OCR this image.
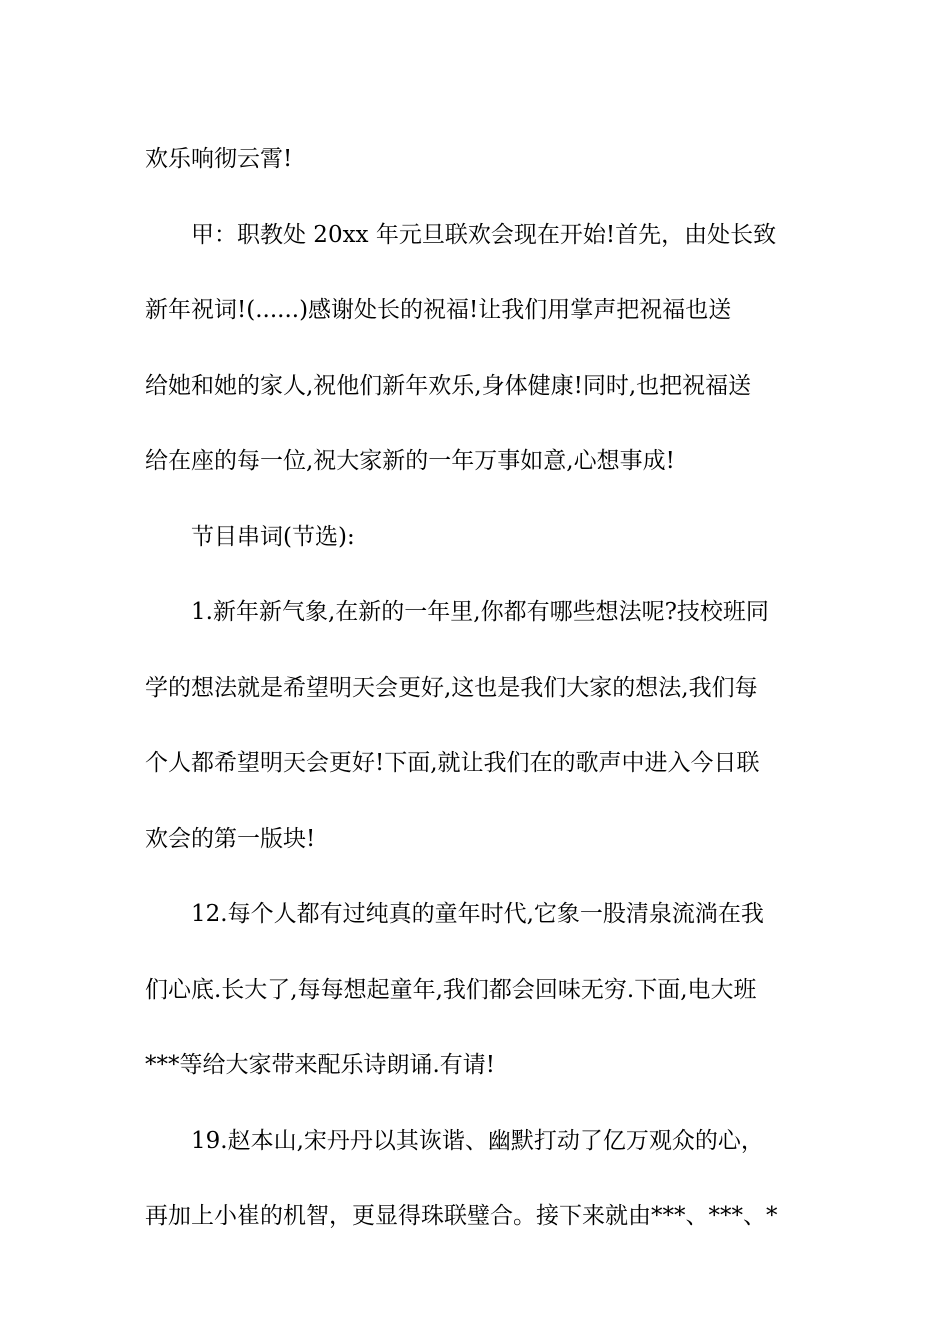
欢乐响彻云霄!

甲：职教处 20xx 年元旦联欢会现在开始!首先，由处长致

新年祝词!(......)感谢处长的祝福!让我们用掌声把祝福也送

给她和她的家人,祝他们新年欢乐,身体健康!同时,也把祝福送

给在座的每一位,祝大家新的一年万事如意,心想事成!

节目串词(节选):

1.新年新气象,在新的一年里,你都有哪些想法呢?技校班同

学的想法就是希望明天会更好,这也是我们大家的想法,我们每

个人都希望明天会更好!下面,就让我们在的歌声中进入今日联

欢会的第一版块!

12.每个人都有过纯真的童年时代,它象一股清泉流淌在我

们心底.长大了,每每想起童年,我们都会回味无穷.下面,电大班

***等给大家带来配乐诗朗诵.有请!

19.赵本山,宋丹丹以其诙谐、幽默打动了亿万观众的心，

再加上小崔的机智，更显得珠联璧合。接下来就由***、***、*
